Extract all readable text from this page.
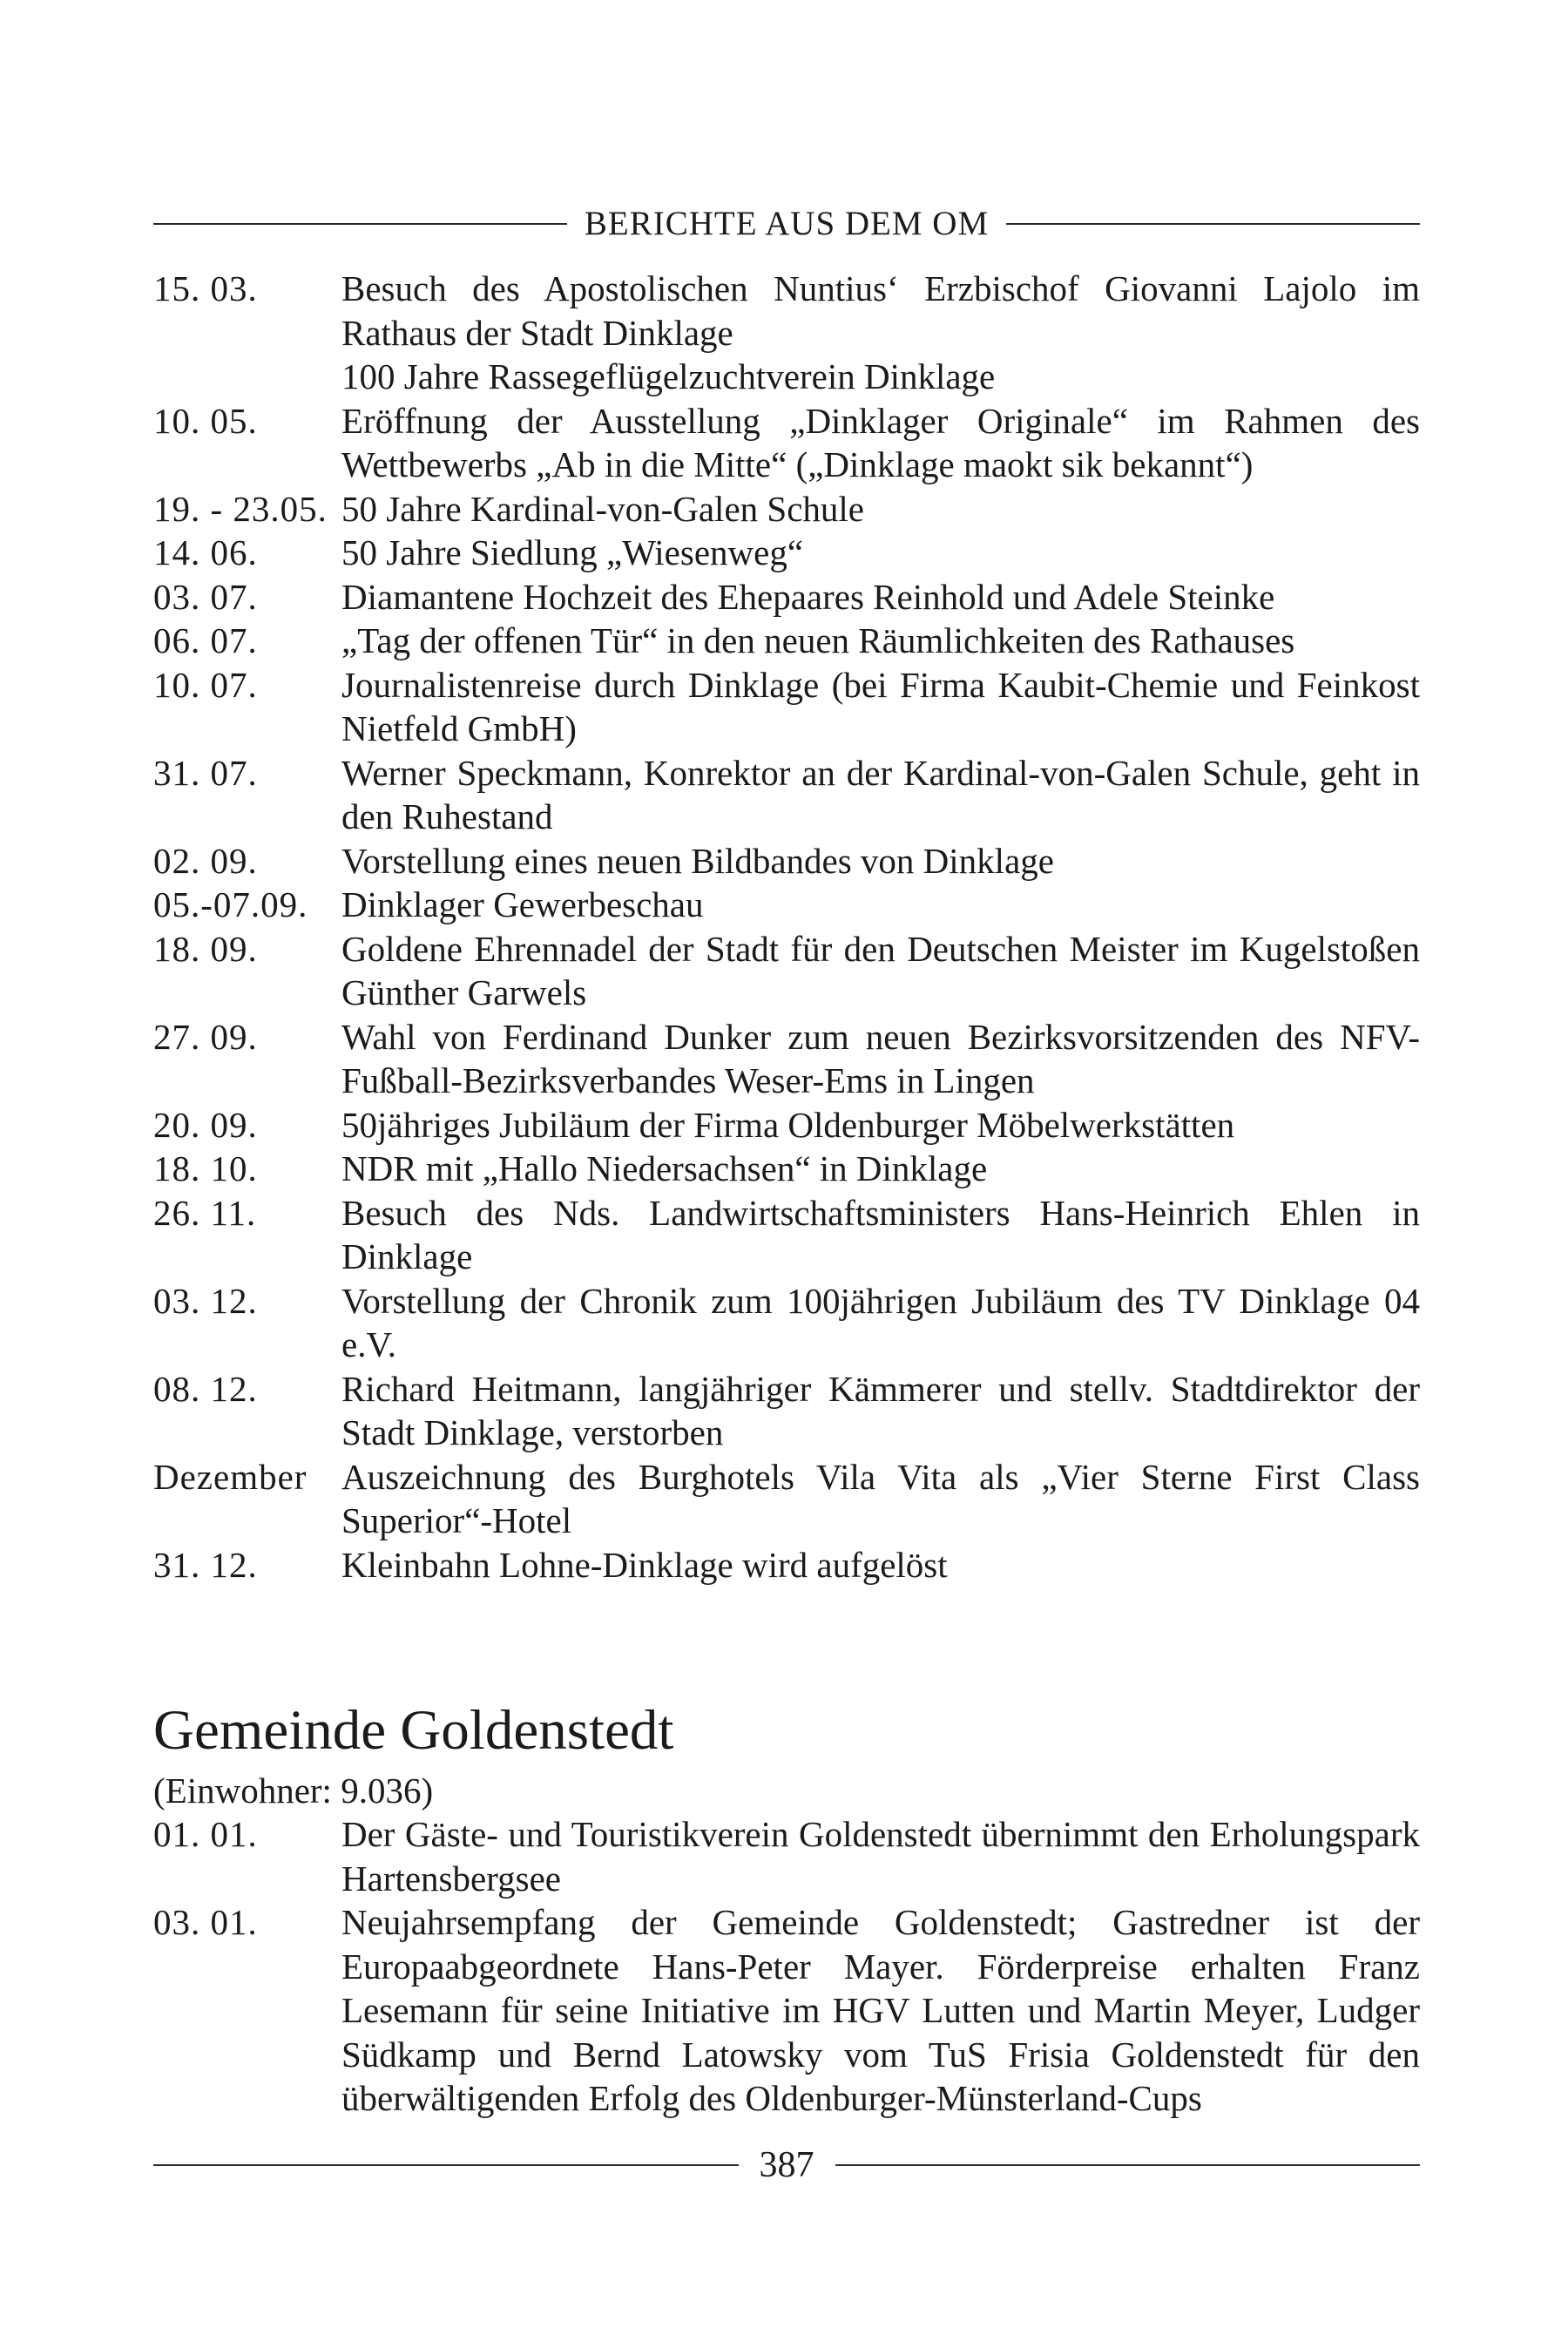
BERICHTE AUS DEM OM
15. 03.	Besuch des Apostolischen Nuntius‘ Erzbischof Giovanni Lajolo im Rathaus der Stadt Dinklage
100 Jahre Rassegeflügelzuchtverein Dinklage
10. 05.	Eröffnung der Ausstellung „Dinklager Originale“ im Rahmen des Wettbewerbs „Ab in die Mitte“ („Dinklage maokt sik bekannt“)
19. - 23.05. 50 Jahre Kardinal-von-Galen Schule
14. 06.	50 Jahre Siedlung „Wiesenweg“
03. 07.	Diamantene Hochzeit des Ehepaares Reinhold und Adele Steinke
06. 07.	„Tag der offenen Tür“ in den neuen Räumlichkeiten des Rathauses
10. 07.	Journalistenreise durch Dinklage (bei Firma Kaubit-Chemie und Feinkost Nietfeld GmbH)
31. 07.	Werner Speckmann, Konrektor an der Kardinal-von-Galen Schule, geht in den Ruhestand
02. 09.	Vorstellung eines neuen Bildbandes von Dinklage
05.-07.09. Dinklager Gewerbeschau
18. 09.	Goldene Ehrennadel der Stadt für den Deutschen Meister im Kugelstoßen Günther Garwels
27. 09.	Wahl von Ferdinand Dunker zum neuen Bezirksvorsitzenden des NFV-Fußball-Bezirksverbandes Weser-Ems in Lingen
20. 09.	50jähriges Jubiläum der Firma Oldenburger Möbelwerkstätten
18. 10.	NDR mit „Hallo Niedersachsen“ in Dinklage
26. 11.	Besuch des Nds. Landwirtschaftsministers Hans-Heinrich Ehlen in Dinklage
03. 12.	Vorstellung der Chronik zum 100jährigen Jubiläum des TV Dinklage 04 e.V.
08. 12.	Richard Heitmann, langjähriger Kämmerer und stellv. Stadtdirektor der Stadt Dinklage, verstorben
Dezember Auszeichnung des Burghotels Vila Vita als „Vier Sterne First Class Superior“-Hotel
31. 12.	Kleinbahn Lohne-Dinklage wird aufgelöst
Gemeinde Goldenstedt
(Einwohner: 9.036)
01. 01.	Der Gäste- und Touristikverein Goldenstedt übernimmt den Erholungspark Hartensbergsee
03. 01.	Neujahrsempfang der Gemeinde Goldenstedt; Gastredner ist der Europaabgeordnete Hans-Peter Mayer. Förderpreise erhalten Franz Lesemann für seine Initiative im HGV Lutten und Martin Meyer, Ludger Südkamp und Bernd Latowsky vom TuS Frisia Goldenstedt für den überwältigenden Erfolg des Oldenburger-Münsterland-Cups
387
